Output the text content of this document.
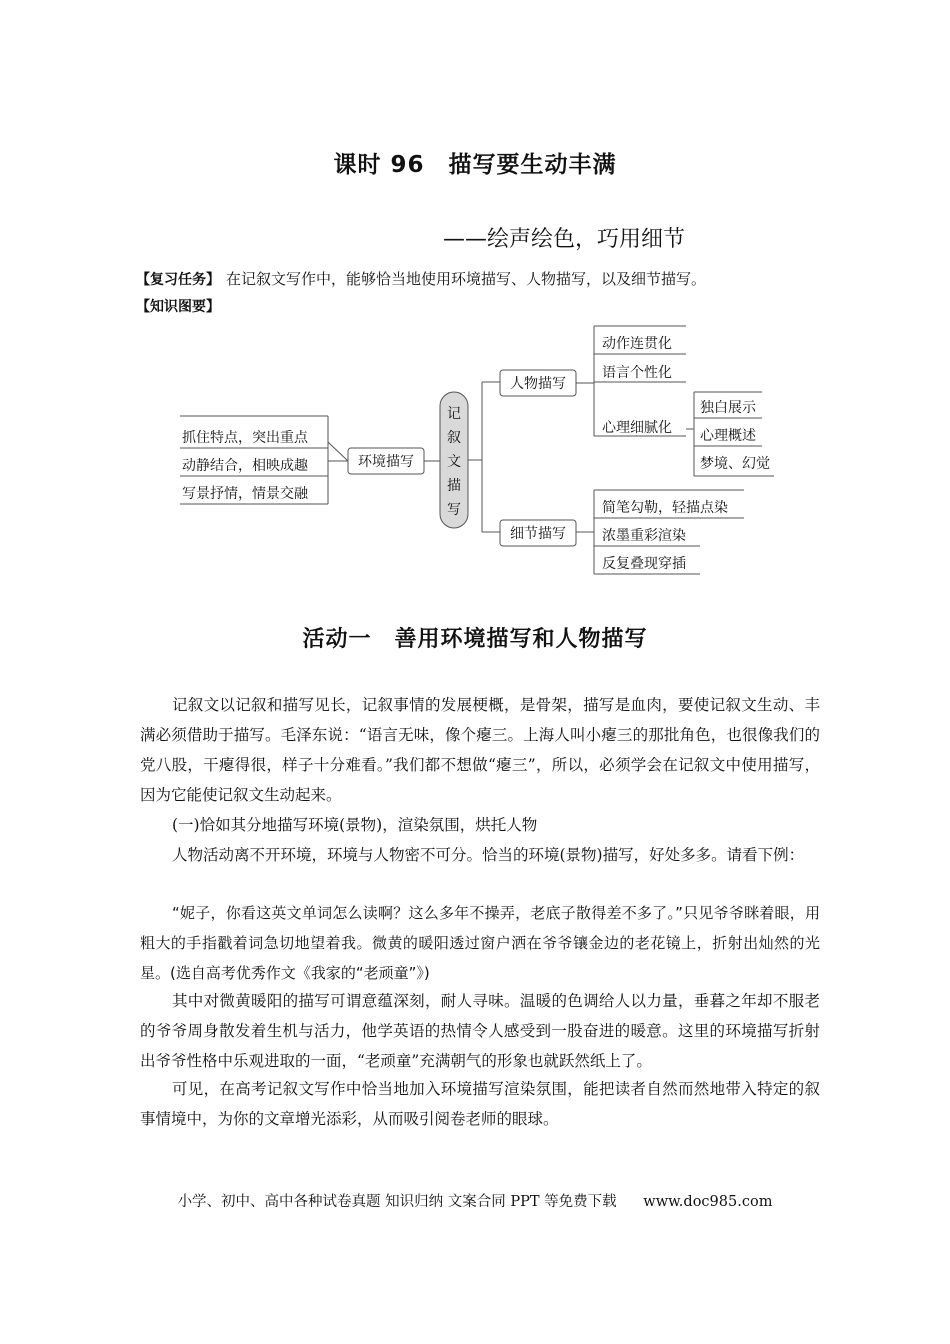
课时 96　描写要生动丰满
——绘声绘色，巧用细节
【复习任务】 在记叙文写作中，能够恰当地使用环境描写、人物描写，以及细节描写。
【知识图要】
记
叙
文
描
写
环境描写
抓住特点，突出重点
动静结合，相映成趣
写景抒情，情景交融
人物描写
动作连贯化
语言个性化
心理细腻化
独白展示
心理概述
梦境、幻觉
细节描写
简笔勾勒，轻描点染
浓墨重彩渲染
反复叠现穿插
活动一　善用环境描写和人物描写
记叙文以记叙和描写见长，记叙事情的发展梗概，是骨架，描写是血肉，要使记叙文生动、丰满必须借助于描写。毛泽东说：“语言无味，像个瘪三。上海人叫小瘪三的那批角色，也很像我们的党八股，干瘪得很，样子十分难看。”我们都不想做“瘪三”，所以，必须学会在记叙文中使用描写，因为它能使记叙文生动起来。
(一)恰如其分地描写环境(景物)，渲染氛围，烘托人物
人物活动离不开环境，环境与人物密不可分。恰当的环境(景物)描写，好处多多。请看下例：
“妮子，你看这英文单词怎么读啊？这么多年不操弄，老底子散得差不多了。”只见爷爷眯着眼，用粗大的手指戳着词急切地望着我。微黄的暖阳透过窗户洒在爷爷镶金边的老花镜上，折射出灿然的光星。(选自高考优秀作文《我家的“老顽童”》)
其中对微黄暖阳的描写可谓意蕴深刻，耐人寻味。温暖的色调给人以力量，垂暮之年却不服老的爷爷周身散发着生机与活力，他学英语的热情令人感受到一股奋进的暖意。这里的环境描写折射出爷爷性格中乐观进取的一面，“老顽童”充满朝气的形象也就跃然纸上了。
可见，在高考记叙文写作中恰当地加入环境描写渲染氛围，能把读者自然而然地带入特定的叙事情境中，为你的文章增光添彩，从而吸引阅卷老师的眼球。
小学、初中、高中各种试卷真题 知识归纳 文案合同 PPT 等免费下载 www.doc985.com
